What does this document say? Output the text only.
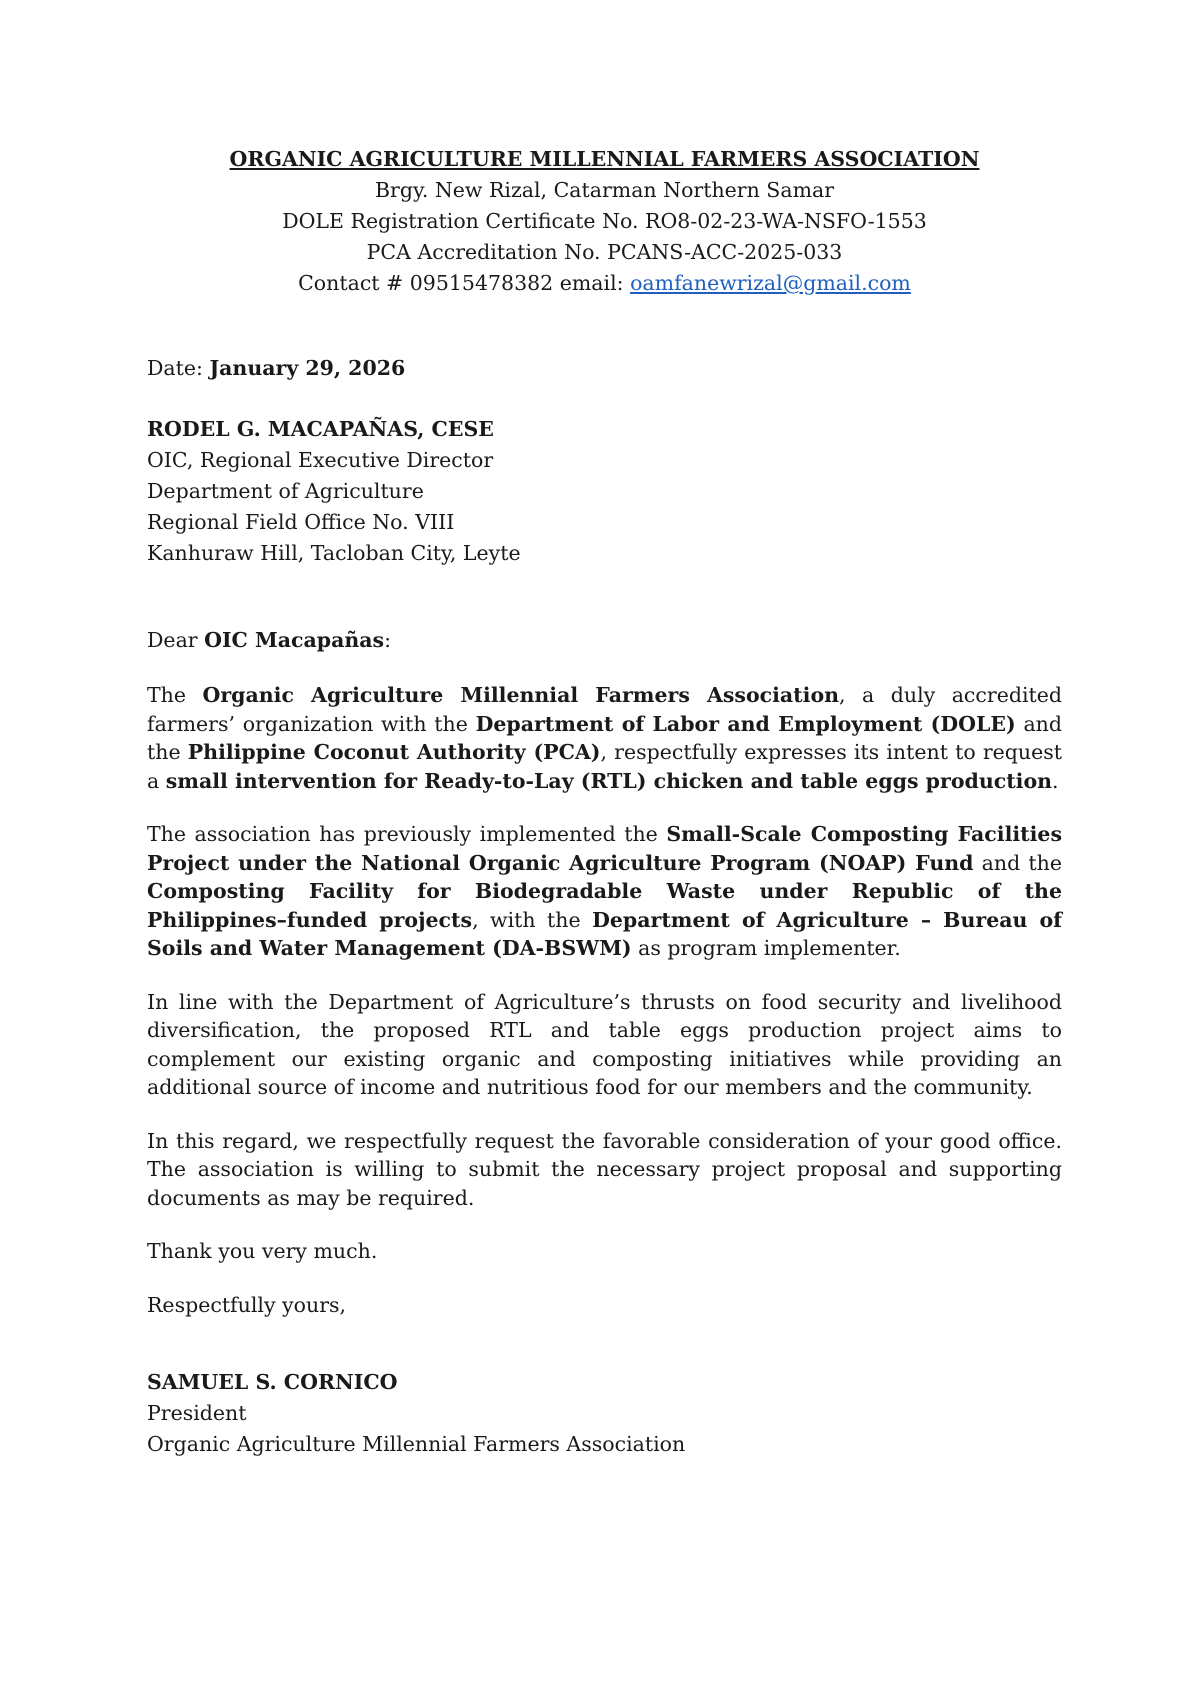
ORGANIC AGRICULTURE MILLENNIAL FARMERS ASSOCIATION
Brgy. New Rizal, Catarman Northern Samar
DOLE Registration Certificate No. RO8-02-23-WA-NSFO-1553
PCA Accreditation No. PCANS-ACC-2025-033
Contact # 09515478382 email: oamfanewrizal@gmail.com
Date: January 29, 2026
RODEL G. MACAPAÑAS, CESE
OIC, Regional Executive Director
Department of Agriculture
Regional Field Office No. VIII
Kanhuraw Hill, Tacloban City, Leyte
Dear OIC Macapañas:
The Organic Agriculture Millennial Farmers Association, a duly accredited farmers’ organization with the Department of Labor and Employment (DOLE) and the Philippine Coconut Authority (PCA), respectfully expresses its intent to request a small intervention for Ready-to-Lay (RTL) chicken and table eggs production.
The association has previously implemented the Small-Scale Composting Facilities Project under the National Organic Agriculture Program (NOAP) Fund and the Composting Facility for Biodegradable Waste under Republic of the Philippines–funded projects, with the Department of Agriculture – Bureau of Soils and Water Management (DA-BSWM) as program implementer.
In line with the Department of Agriculture’s thrusts on food security and livelihood diversification, the proposed RTL and table eggs production project aims to complement our existing organic and composting initiatives while providing an additional source of income and nutritious food for our members and the community.
In this regard, we respectfully request the favorable consideration of your good office. The association is willing to submit the necessary project proposal and supporting documents as may be required.
Thank you very much.
Respectfully yours,
SAMUEL S. CORNICO
President
Organic Agriculture Millennial Farmers Association
